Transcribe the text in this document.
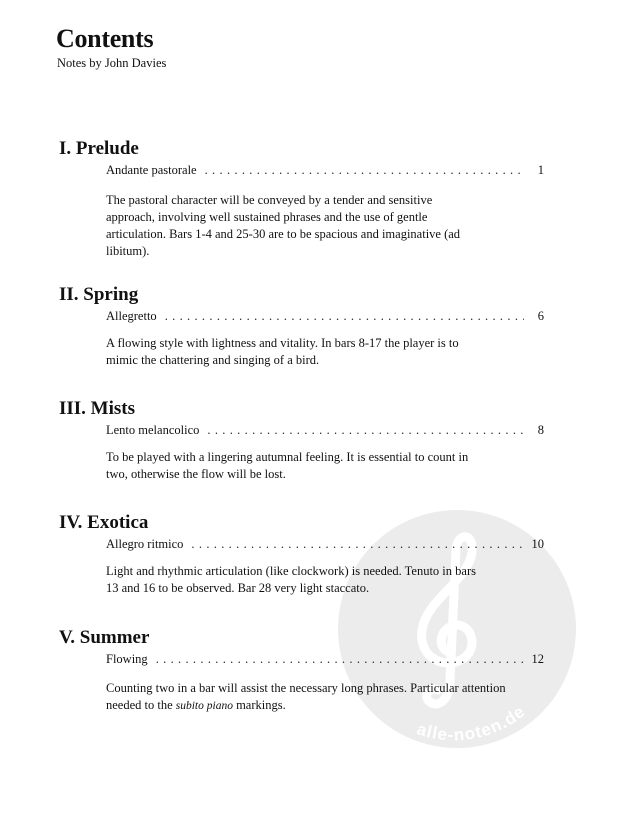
Contents
Notes by John Davies
alle-noten.de
I. Prelude
Andante pastorale . . .	1

The pastoral character will be conveyed by a tender and sensitive approach, involving well sustained phrases and the use of gentle articulation. Bars 1-4 and 25-30 are to be spacious and imaginative (ad libitum).

II. Spring
Allegretto . . .	6

A flowing style with lightness and vitality. In bars 8-17 the player is to mimic the chattering and singing of a bird.

III. Mists
Lento melancolico . . .	8

To be played with a lingering autumnal feeling. It is essential to count in two, otherwise the flow will be lost.

IV. Exotica
Allegro ritmico . . .	10

Light and rhythmic articulation (like clockwork) is needed. Tenuto in bars 13 and 16 to be observed. Bar 28 very light staccato.

V. Summer
Flowing . . .	12

Counting two in a bar will assist the necessary long phrases. Particular attention needed to the subito piano markings.
